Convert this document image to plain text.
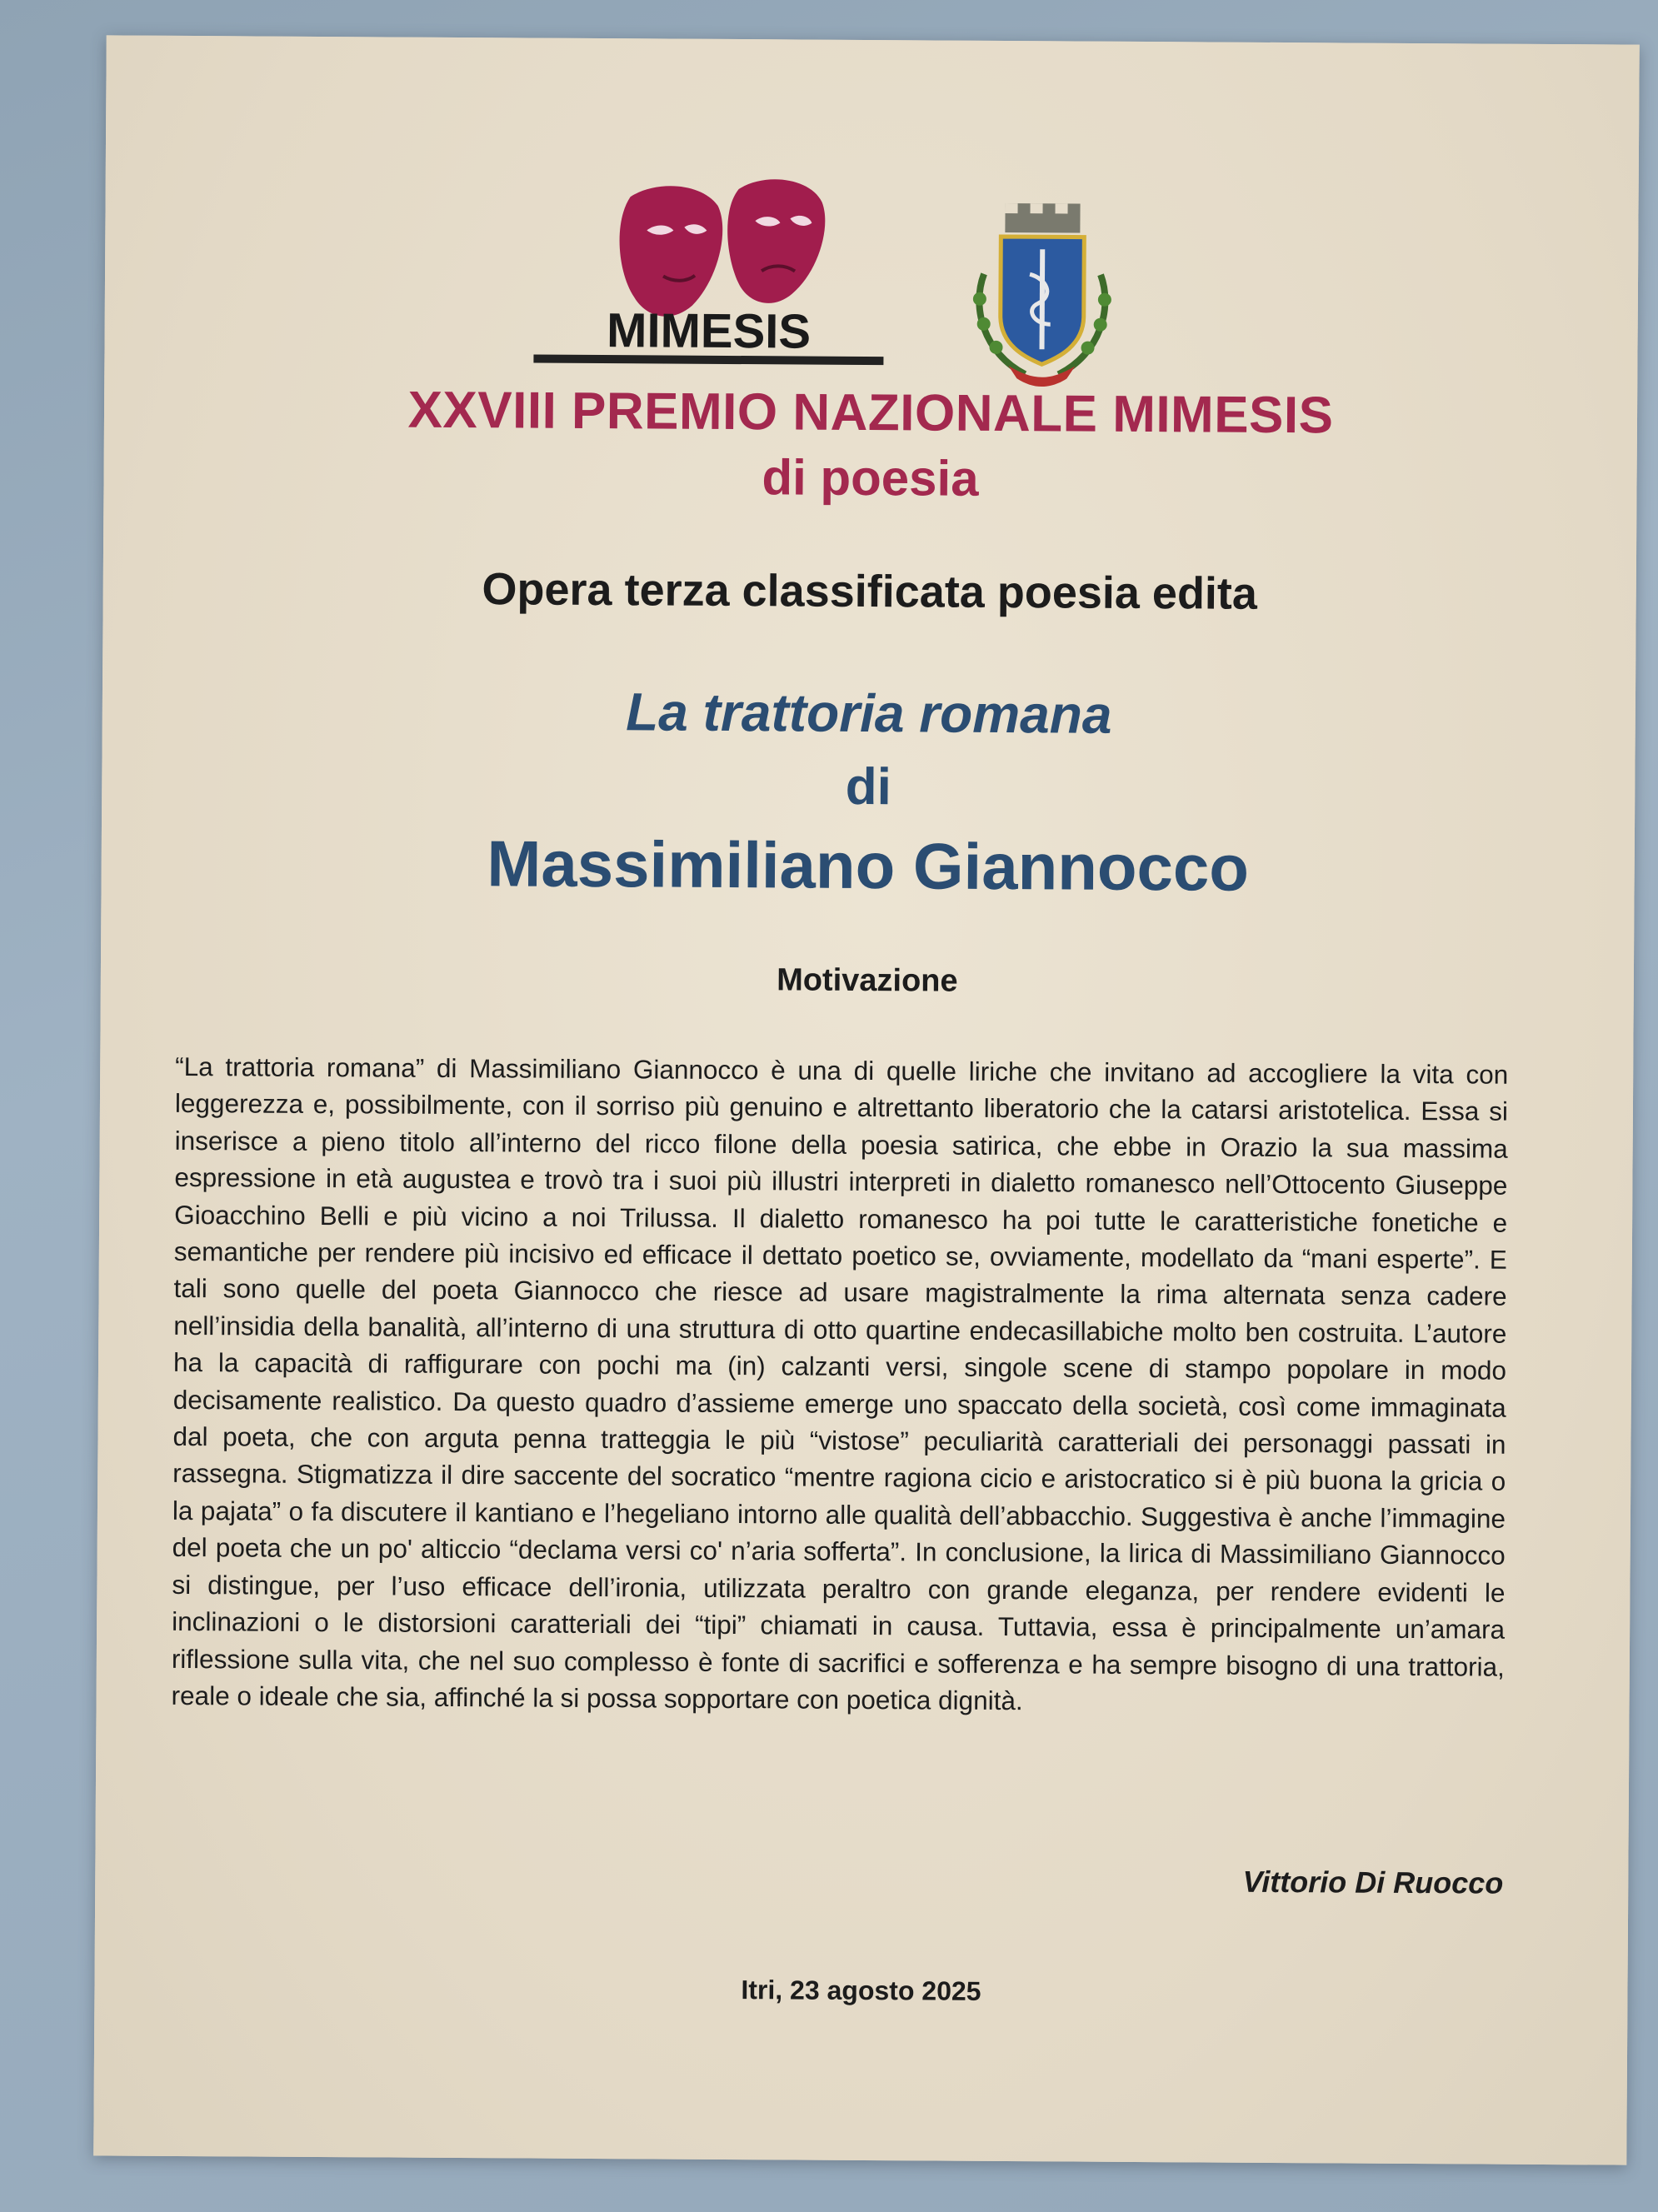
MIMESIS
XXVIII PREMIO NAZIONALE MIMESIS
di poesia
Opera terza classificata poesia edita
La trattoria romana
di
Massimiliano Giannocco
Motivazione

“La trattoria romana” di Massimiliano Giannocco è una di quelle liriche che invitano ad accogliere la vita con leggerezza e, possibilmente, con il sorriso più genuino e altrettanto liberatorio che la catarsi aristotelica. Essa si inserisce a pieno titolo all’interno del ricco filone della poesia satirica, che ebbe in Orazio la sua massima espressione in età augustea e trovò tra i suoi più illustri interpreti in dialetto romanesco nell’Ottocento Giuseppe Gioacchino Belli e più vicino a noi Trilussa. Il dialetto romanesco ha poi tutte le caratteristiche fonetiche e semantiche per rendere più incisivo ed efficace il dettato poetico se, ovviamente, modellato da “mani esperte”. E tali sono quelle del poeta Giannocco che riesce ad usare magistralmente la rima alternata senza cadere nell’insidia della banalità, all’interno di una struttura di otto quartine endecasillabiche molto ben costruita. L’autore ha la capacità di raffigurare con pochi ma (in) calzanti versi, singole scene di stampo popolare in modo decisamente realistico. Da questo quadro d’assieme emerge uno spaccato della società, così come immaginata dal poeta, che con arguta penna tratteggia le più “vistose” peculiarità caratteriali dei personaggi passati in rassegna. Stigmatizza il dire saccente del socratico “mentre ragiona cicio e aristocratico si è più buona la gricia o la pajata” o fa discutere il kantiano e l’hegeliano intorno alle qualità dell’abbacchio. Suggestiva è anche l’immagine del poeta che un po' alticcio “declama versi co' n’aria sofferta”. In conclusione, la lirica di Massimiliano Giannocco si distingue, per l’uso efficace dell’ironia, utilizzata peraltro con grande eleganza, per rendere evidenti le inclinazioni o le distorsioni caratteriali dei “tipi” chiamati in causa. Tuttavia, essa è principalmente un’amara riflessione sulla vita, che nel suo complesso è fonte di sacrifici e sofferenza e ha sempre bisogno di una trattoria, reale o ideale che sia, affinché la si possa sopportare con poetica dignità.

Vittorio Di Ruocco
Itri, 23 agosto 2025
